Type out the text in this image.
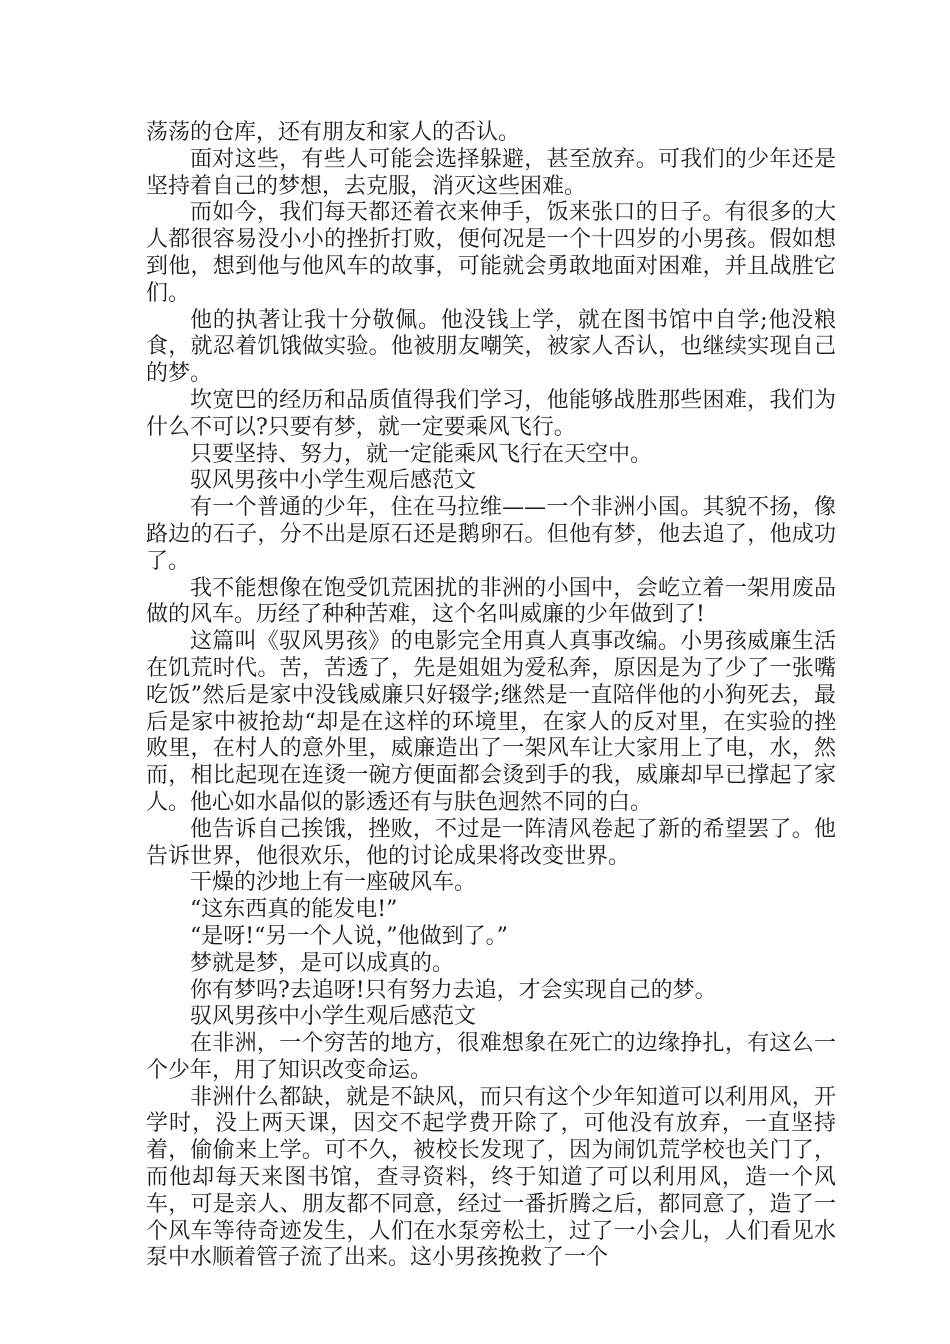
荡荡的仓库，还有朋友和家人的否认。

面对这些，有些人可能会选择躲避，甚至放弃。可我们的少年还是坚持着自己的梦想，去克服，消灭这些困难。

而如今，我们每天都还着衣来伸手，饭来张口的日子。有很多的大人都很容易没小小的挫折打败，便何况是一个十四岁的小男孩。假如想到他，想到他与他风车的故事，可能就会勇敢地面对困难，并且战胜它们。

他的执著让我十分敬佩。他没钱上学，就在图书馆中自学;他没粮食，就忍着饥饿做实验。他被朋友嘲笑，被家人否认，也继续实现自己的梦。

坎宽巴的经历和品质值得我们学习，他能够战胜那些困难，我们为什么不可以?只要有梦，就一定要乘风飞行。

只要坚持、努力，就一定能乘风飞行在天空中。

驭风男孩中小学生观后感范文

有一个普通的少年，住在马拉维——一个非洲小国。其貌不扬，像路边的石子，分不出是原石还是鹅卵石。但他有梦，他去追了，他成功了。

我不能想像在饱受饥荒困扰的非洲的小国中，会屹立着一架用废品做的风车。历经了种种苦难，这个名叫威廉的少年做到了!

这篇叫《驭风男孩》的电影完全用真人真事改编。小男孩威廉生活在饥荒时代。苦，苦透了，先是姐姐为爱私奔，原因是为了少了一张嘴吃饭”然后是家中没钱威廉只好辍学;继然是一直陪伴他的小狗死去，最后是家中被抢劫“却是在这样的环境里，在家人的反对里，在实验的挫败里，在村人的意外里，威廉造出了一架风车让大家用上了电，水，然而，相比起现在连烫一碗方便面都会烫到手的我，威廉却早已撑起了家人。他心如水晶似的影透还有与肤色迥然不同的白。

他告诉自己挨饿，挫败，不过是一阵清风卷起了新的希望罢了。他告诉世界，他很欢乐，他的讨论成果将改变世界。

干燥的沙地上有一座破风车。

“这东西真的能发电!”

“是呀!“另一个人说，”他做到了。”

梦就是梦，是可以成真的。

你有梦吗?去追呀!只有努力去追，才会实现自己的梦。

驭风男孩中小学生观后感范文

在非洲，一个穷苦的地方，很难想象在死亡的边缘挣扎，有这么一个少年，用了知识改变命运。

非洲什么都缺，就是不缺风，而只有这个少年知道可以利用风，开学时，没上两天课，因交不起学费开除了，可他没有放弃，一直坚持着，偷偷来上学。可不久，被校长发现了，因为闹饥荒学校也关门了，而他却每天来图书馆，查寻资料，终于知道了可以利用风，造一个风车，可是亲人、朋友都不同意，经过一番折腾之后，都同意了，造了一个风车等待奇迹发生，人们在水泵旁松土，过了一小会儿，人们看见水泵中水顺着管子流了出来。这小男孩挽救了一个
